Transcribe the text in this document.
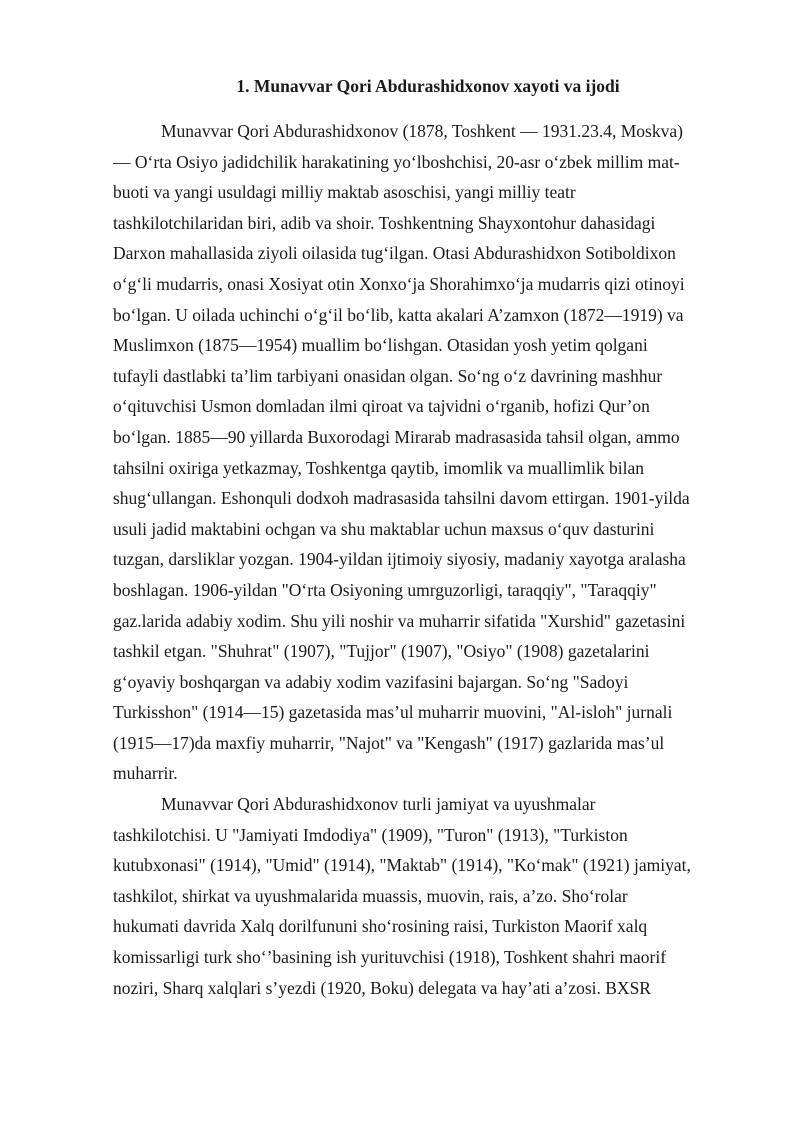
1. Munavvar Qori Abdurashidxonov xayoti va ijodi

Munavvar Qori Abdurashidxonov (1878, Toshkent — 1931.23.4, Moskva)

— O‘rta Osiyo jadidchilik harakatining yo‘lboshchisi, 20-asr o‘zbek millim mat-

buoti va yangi usuldagi milliy maktab asoschisi, yangi milliy teatr

tashkilotchilaridan biri, adib va shoir. Toshkentning Shayxontohur dahasidagi

Darxon mahallasida ziyoli oilasida tug‘ilgan. Otasi Abdurashidxon Sotiboldixon

o‘g‘li mudarris, onasi Xosiyat otin Xonxo‘ja Shorahimxo‘ja mudarris qizi otinoyi

bo‘lgan. U oilada uchinchi o‘g‘il bo‘lib, katta akalari A’zamxon (1872—1919) va

Muslimxon (1875—1954) muallim bo‘lishgan. Otasidan yosh yetim qolgani

tufayli dastlabki ta’lim tarbiyani onasidan olgan. So‘ng o‘z davrining mashhur

o‘qituvchisi Usmon domladan ilmi qiroat va tajvidni o‘rganib, hofizi Qur’on

bo‘lgan. 1885—90 yillarda Buxorodagi Mirarab madrasasida tahsil olgan, ammo

tahsilni oxiriga yetkazmay, Toshkentga qaytib, imomlik va muallimlik bilan

shug‘ullangan. Eshonquli dodxoh madrasasida tahsilni davom ettirgan. 1901-yilda

usuli jadid maktabini ochgan va shu maktablar uchun maxsus o‘quv dasturini

tuzgan, darsliklar yozgan. 1904-yildan ijtimoiy siyosiy, madaniy xayotga aralasha

boshlagan. 1906-yildan "O‘rta Osiyoning umrguzorligi, taraqqiy", "Taraqqiy"

gaz.larida adabiy xodim. Shu yili noshir va muharrir sifatida "Xurshid" gazetasini

tashkil etgan. "Shuhrat" (1907), "Tujjor" (1907), "Osiyo" (1908) gazetalarini

g‘oyaviy boshqargan va adabiy xodim vazifasini bajargan. So‘ng "Sadoyi

Turkisshon" (1914—15) gazetasida mas’ul muharrir muovini, "Al-isloh" jurnali

(1915—17)da maxfiy muharrir, "Najot" va "Kengash" (1917) gazlarida mas’ul

muharrir.

Munavvar Qori Abdurashidxonov turli jamiyat va uyushmalar

tashkilotchisi. U "Jamiyati Imdodiya" (1909), "Turon" (1913), "Turkiston

kutubxonasi" (1914), "Umid" (1914), "Maktab" (1914), "Ko‘mak" (1921) jamiyat,

tashkilot, shirkat va uyushmalarida muassis, muovin, rais, a’zo. Sho‘rolar

hukumati davrida Xalq dorilfununi sho‘rosining raisi, Turkiston Maorif xalq

komissarligi turk sho‘’basining ish yurituvchisi (1918), Toshkent shahri maorif

noziri, Sharq xalqlari s’yezdi (1920, Boku) delegata va hay’ati a’zosi. BXSR
